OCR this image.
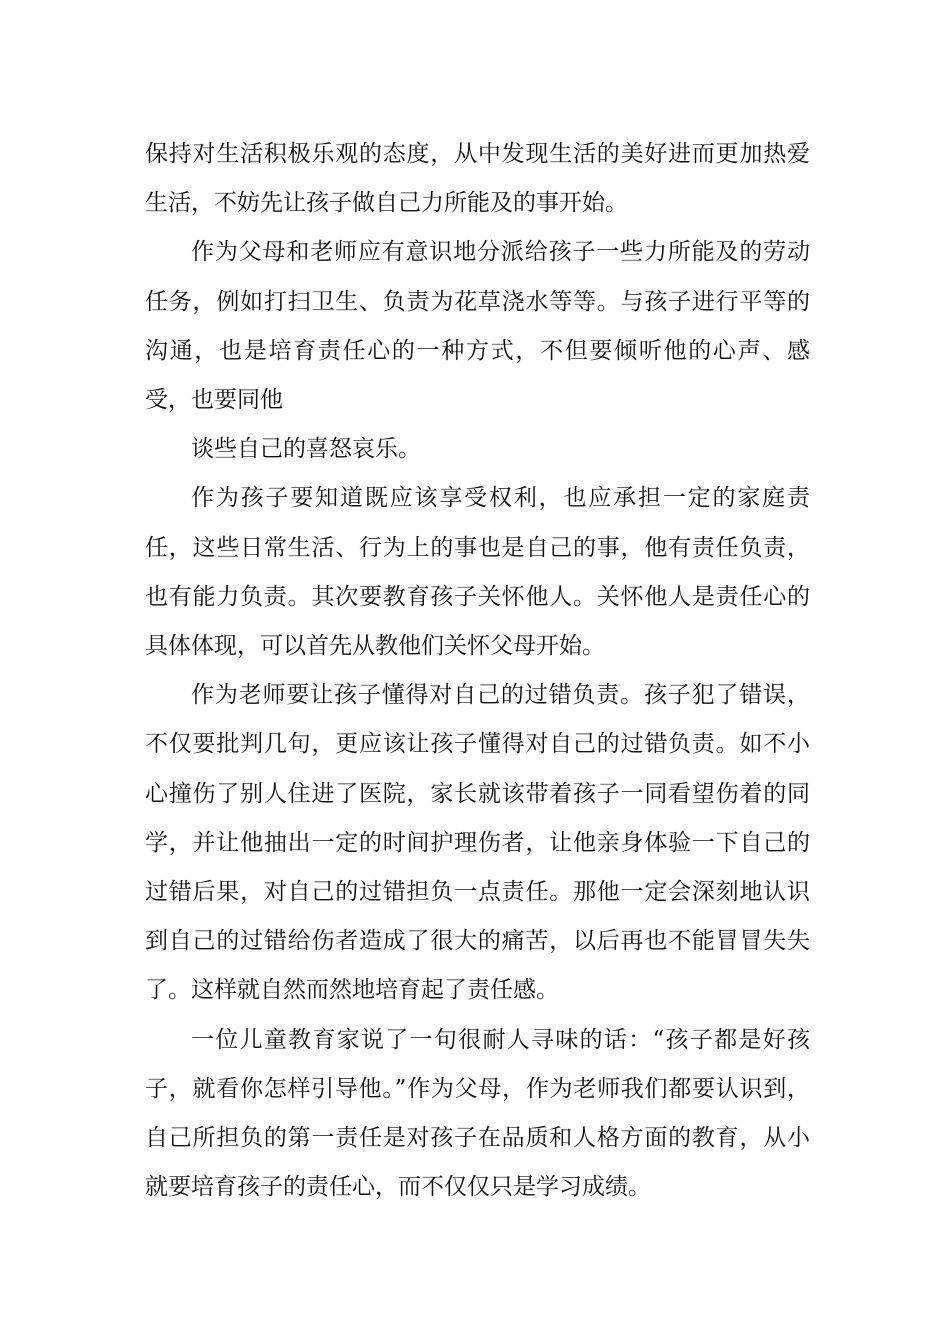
保持对生活积极乐观的态度，从中发现生活的美好进而更加热爱生活，不妨先让孩子做自己力所能及的事开始。

作为父母和老师应有意识地分派给孩子一些力所能及的劳动任务，例如打扫卫生、负责为花草浇水等等。与孩子进行平等的沟通，也是培育责任心的一种方式，不但要倾听他的心声、感受，也要同他

谈些自己的喜怒哀乐。

作为孩子要知道既应该享受权利，也应承担一定的家庭责任，这些日常生活、行为上的事也是自己的事，他有责任负责，也有能力负责。其次要教育孩子关怀他人。关怀他人是责任心的具体体现，可以首先从教他们关怀父母开始。

作为老师要让孩子懂得对自己的过错负责。孩子犯了错误，不仅要批判几句，更应该让孩子懂得对自己的过错负责。如不小心撞伤了别人住进了医院，家长就该带着孩子一同看望伤着的同学，并让他抽出一定的时间护理伤者，让他亲身体验一下自己的过错后果，对自己的过错担负一点责任。那他一定会深刻地认识到自己的过错给伤者造成了很大的痛苦，以后再也不能冒冒失失了。这样就自然而然地培育起了责任感。

一位儿童教育家说了一句很耐人寻味的话：“孩子都是好孩子，就看你怎样引导他。”作为父母，作为老师我们都要认识到，自己所担负的第一责任是对孩子在品质和人格方面的教育，从小就要培育孩子的责任心，而不仅仅只是学习成绩。
